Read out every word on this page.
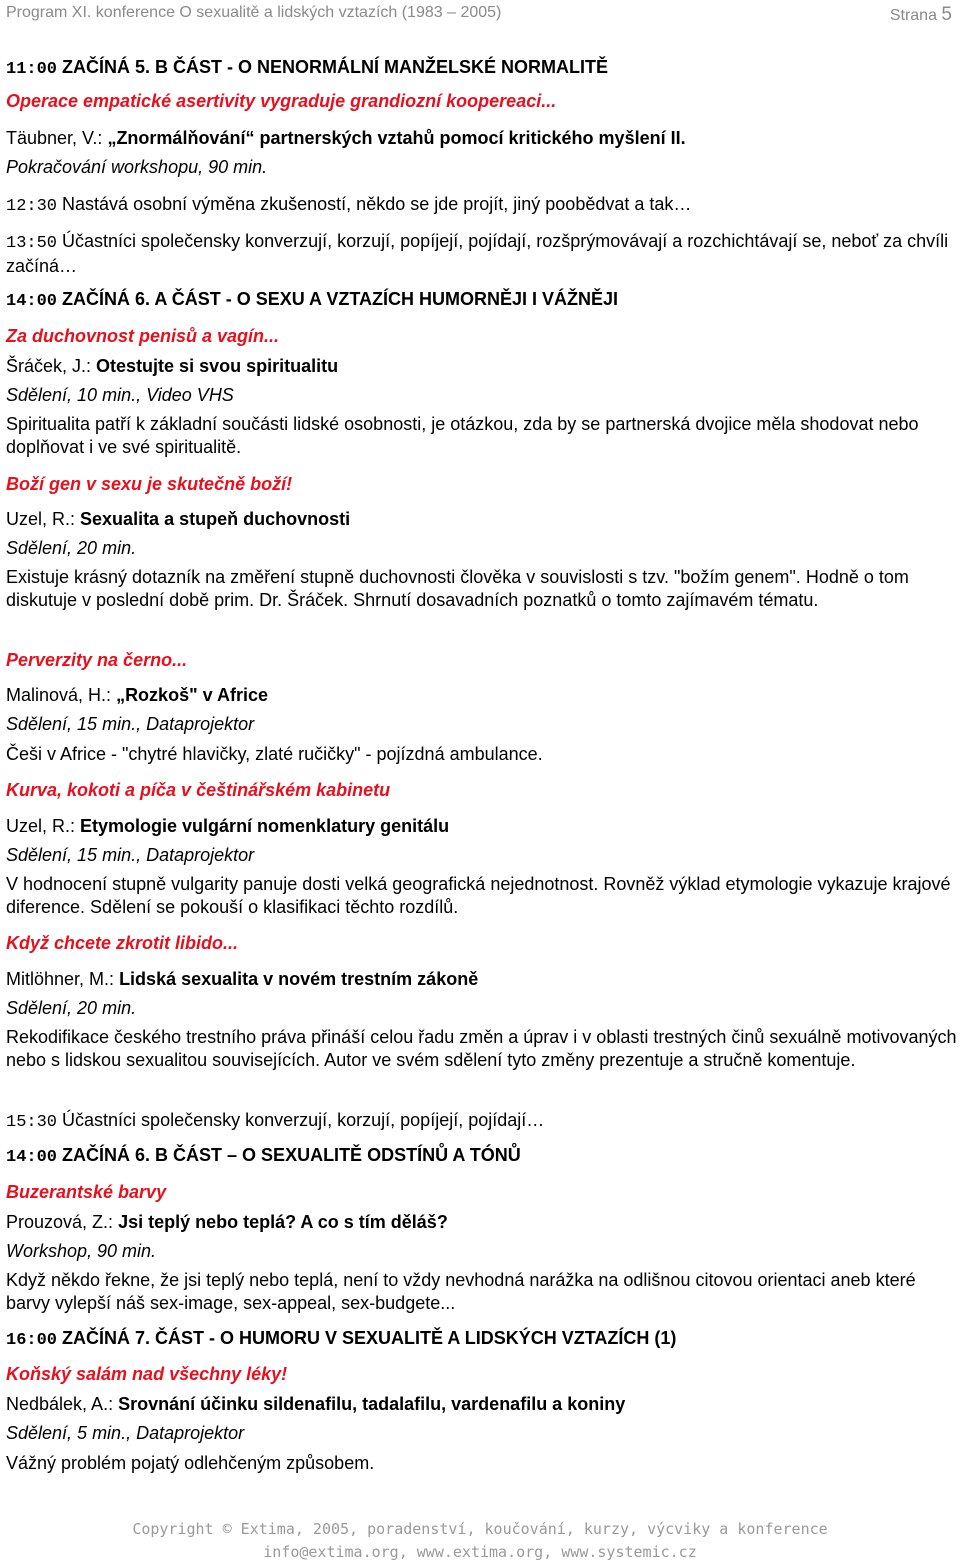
Program XI. konference O sexualitě a lidských vztazích (1983 – 2005)	Strana 5

11:00 ZAČÍNÁ 5. B ČÁST - O NENORMÁLNÍ MANŽELSKÉ NORMALITĚ

Operace empatické asertivity vygraduje grandiozní koopereaci...

Täubner, V.: „Znormálňování“ partnerských vztahů pomocí kritického myšlení II.

Pokračování workshopu, 90 min.

12:30 Nastává osobní výměna zkušeností, někdo se jde projít, jiný poobědvat a tak…

13:50 Účastníci společensky konverzují, korzují, popíjejí, pojídají, rozšprýmovávají a rozchichtávají se, neboť za chvíli začíná…

14:00 ZAČÍNÁ 6. A ČÁST - O SEXU A VZTAZÍCH HUMORNĚJI I VÁŽNĚJI

Za duchovnost penisů a vagín...

Šráček, J.: Otestujte si svou spiritualitu

Sdělení, 10 min., Video VHS

Spiritualita patří k základní součásti lidské osobnosti, je otázkou, zda by se partnerská dvojice měla shodovat nebo doplňovat i ve své spiritualitě.

Boží gen v sexu je skutečně boží!

Uzel, R.: Sexualita a stupeň duchovnosti

Sdělení, 20 min.

Existuje krásný dotazník na změření stupně duchovnosti člověka v souvislosti s tzv. "božím genem". Hodně o tom diskutuje v poslední době prim. Dr. Šráček. Shrnutí dosavadních poznatků o tomto zajímavém tématu.

Perverzity na černo...

Malinová, H.: „Rozkoš" v Africe

Sdělení, 15 min., Dataprojektor

Češi v Africe - "chytré hlavičky, zlaté ručičky" - pojízdná ambulance.

Kurva, kokoti a píča v češtinářském kabinetu

Uzel, R.: Etymologie vulgární nomenklatury genitálu

Sdělení, 15 min., Dataprojektor

V hodnocení stupně vulgarity panuje dosti velká geografická nejednotnost. Rovněž výklad etymologie vykazuje krajové diference. Sdělení se pokouší o klasifikaci těchto rozdílů.

Když chcete zkrotit libido...

Mitlöhner, M.: Lidská sexualita v novém trestním zákoně

Sdělení, 20 min.

Rekodifikace českého trestního práva přináší celou řadu změn a úprav i v oblasti trestných činů sexuálně motivovaných nebo s lidskou sexualitou souvisejících. Autor ve svém sdělení tyto změny prezentuje a stručně komentuje.

15:30 Účastníci společensky konverzují, korzují, popíjejí, pojídají…

14:00 ZAČÍNÁ 6. B ČÁST – O SEXUALITĚ ODSTÍNŮ A TÓNŮ

Buzerantské barvy

Prouzová, Z.: Jsi teplý nebo teplá? A co s tím děláš?

Workshop, 90 min.

Když někdo řekne, že jsi teplý nebo teplá, není to vždy nevhodná narážka na odlišnou citovou orientaci aneb které barvy vylepší náš sex-image, sex-appeal, sex-budgete...

16:00 ZAČÍNÁ 7. ČÁST - O HUMORU V SEXUALITĚ A LIDSKÝCH VZTAZÍCH (1)

Koňský salám nad všechny léky!

Nedbálek, A.: Srovnání účinku sildenafilu, tadalafilu, vardenafilu a koniny

Sdělení, 5 min., Dataprojektor

Vážný problém pojatý odlehčeným způsobem.

Copyright © Extima, 2005, poradenství, koučování, kurzy, výcviky a konference
info@extima.org, www.extima.org, www.systemic.cz
